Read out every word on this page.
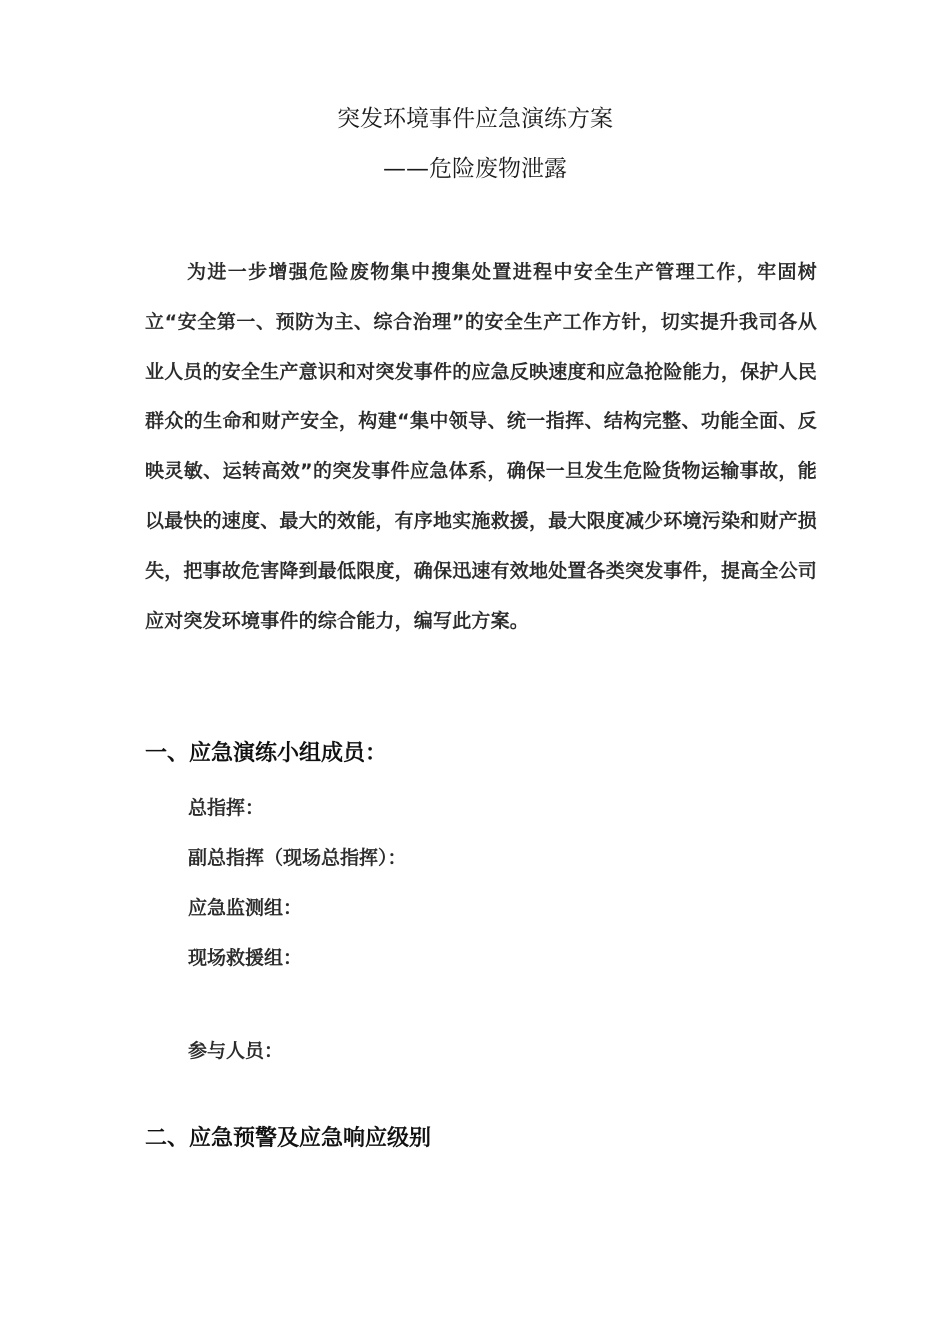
突发环境事件应急演练方案
——危险废物泄露

为进一步增强危险废物集中搜集处置进程中安全生产管理工作，牢固树立“安全第一、预防为主、综合治理”的安全生产工作方针，切实提升我司各从业人员的安全生产意识和对突发事件的应急反映速度和应急抢险能力，保护人民群众的生命和财产安全，构建“集中领导、统一指挥、结构完整、功能全面、反映灵敏、运转高效”的突发事件应急体系，确保一旦发生危险货物运输事故，能以最快的速度、最大的效能，有序地实施救援，最大限度减少环境污染和财产损失，把事故危害降到最低限度，确保迅速有效地处置各类突发事件，提高全公司应对突发环境事件的综合能力，编写此方案。

一、应急演练小组成员：

总指挥：

副总指挥（现场总指挥）：

应急监测组：

现场救援组：

参与人员：

二、应急预警及应急响应级别
